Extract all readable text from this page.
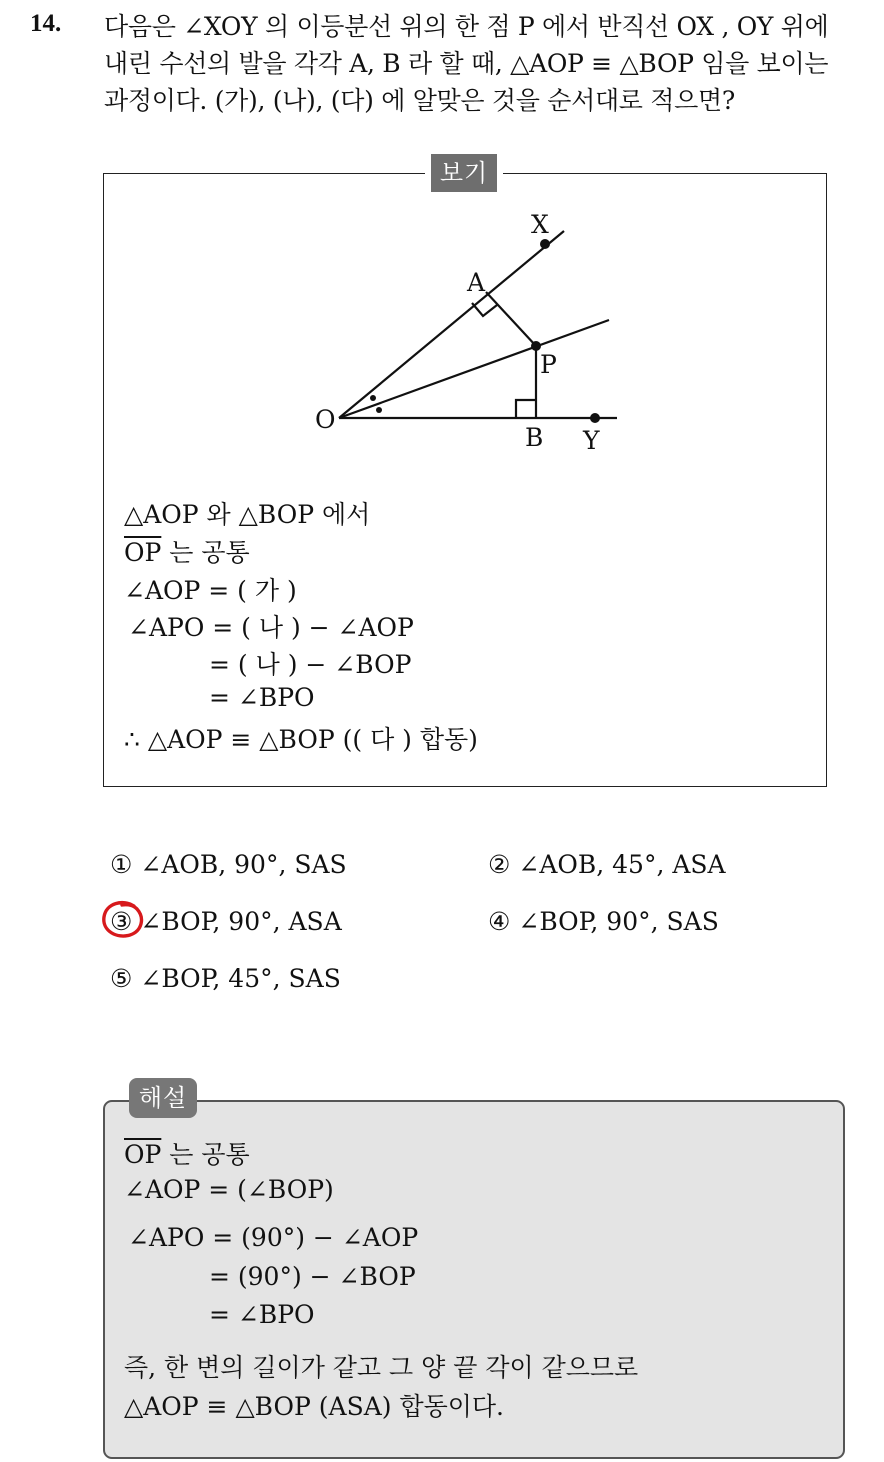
14. 다음은 ∠XOY 의 이등분선 위의 한 점 P 에서 반직선 OX , OY 위에
내린 수선의 발을 각각 A, B 라 할 때, △AOP ≡ △BOP 임을 보이는
과정이다. (가), (나), (다) 에 알맞은 것을 순서대로 적으면?
보기
X
A
P
O
B Y
△AOP 와 △BOP 에서
$\overline{OP}$ 는 공통
∠AOP = ( 가 )
∠APO = ( 나 ) − ∠AOP
= ( 나 ) − ∠BOP
= ∠BPO
∴ △AOP ≡ △BOP (( 다 ) 합동)
① ∠AOB, 90°, SAS	② ∠AOB, 45°, ASA
③ ∠BOP, 90°, ASA	④ ∠BOP, 90°, SAS
⑤ ∠BOP, 45°, SAS
해설
$\overline{OP}$ 는 공통
∠AOP = (∠BOP)
∠APO = (90°) − ∠AOP
= (90°) − ∠BOP
= ∠BPO
즉, 한 변의 길이가 같고 그 양 끝 각이 같으므로
△AOP ≡ △BOP (ASA) 합동이다.
